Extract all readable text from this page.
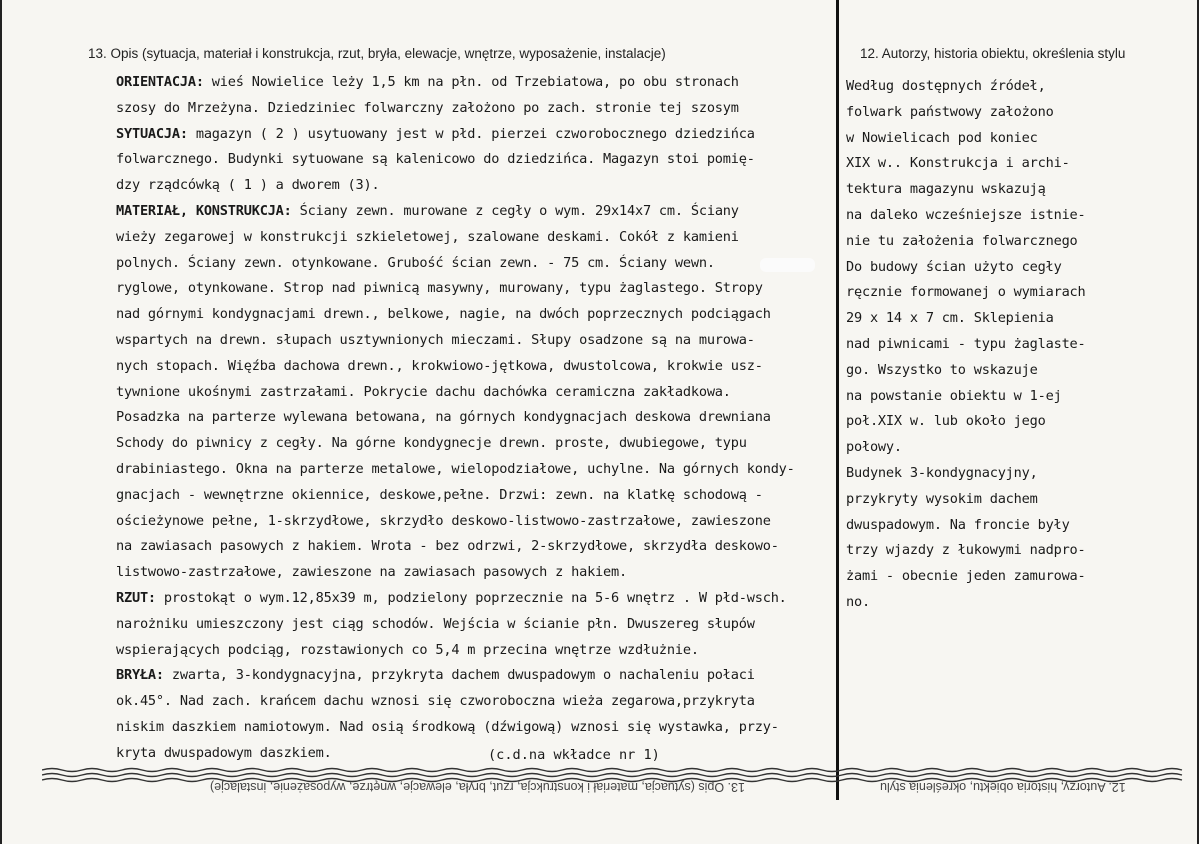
13. Opis (sytuacja, materiał i konstrukcja, rzut, bryła, elewacje, wnętrze, wyposażenie, instalacje)	12. Autorzy, historia obiektu, określenia stylu
ORIENTACJA: wieś Nowielice leży 1,5 km na płn. od Trzebiatowa, po obu stronach
szosy do Mrzeżyna. Dziedziniec folwarczny założono po zach. stronie tej szosym
SYTUACJA: magazyn ( 2 ) usytuowany jest w płd. pierzei czworobocznego dziedzińca
folwarcznego. Budynki sytuowane są kalenicowo do dziedzińca. Magazyn stoi pomię-
dzy rządcówką ( 1 ) a dworem (3).
MATERIAŁ, KONSTRUKCJA: Ściany zewn. murowane z cegły o wym. 29x14x7 cm. Ściany
wieży zegarowej w konstrukcji szkieletowej, szalowane deskami. Cokół z kamieni
polnych. Ściany zewn. otynkowane. Grubość ścian zewn. - 75 cm. Ściany wewn.
ryglowe, otynkowane. Strop nad piwnicą masywny, murowany, typu żaglastego. Stropy
nad górnymi kondygnacjami drewn., belkowe, nagie, na dwóch poprzecznych podciągach
wspartych na drewn. słupach usztywnionych mieczami. Słupy osadzone są na murowa-
nych stopach. Więźba dachowa drewn., krokwiowo-jętkowa, dwustolcowa, krokwie usz-
tywnione ukośnymi zastrzałami. Pokrycie dachu dachówka ceramiczna zakładkowa.
Posadzka na parterze wylewana betowana, na górnych kondygnacjach deskowa drewniana
Schody do piwnicy z cegły. Na górne kondygnecje drewn. proste, dwubiegowe, typu
drabiniastego. Okna na parterze metalowe, wielopodziałowe, uchylne. Na górnych kondy-
gnacjach - wewnętrzne okiennice, deskowe,pełne. Drzwi: zewn. na klatkę schodową -
ościeżynowe pełne, 1-skrzydłowe, skrzydło deskowo-listwowo-zastrzałowe, zawieszone
na zawiasach pasowych z hakiem. Wrota - bez odrzwi, 2-skrzydłowe, skrzydła deskowo-
listwowo-zastrzałowe, zawieszone na zawiasach pasowych z hakiem.
RZUT: prostokąt o wym.12,85x39 m, podzielony poprzecznie na 5-6 wnętrz . W płd-wsch.
narożniku umieszczony jest ciąg schodów. Wejścia w ścianie płn. Dwuszereg słupów
wspierających podciąg, rozstawionych co 5,4 m przecina wnętrze wzdłużnie.
BRYŁA: zwarta, 3-kondygnacyjna, przykryta dachem dwuspadowym o nachaleniu połaci
ok.45°. Nad zach. krańcem dachu wznosi się czworoboczna wieża zegarowa,przykryta
niskim daszkiem namiotowym. Nad osią środkową (dźwigową) wznosi się wystawka, przy-
kryta dwuspadowym daszkiem.
Według dostępnych źródeł,
folwark państwowy założono
w Nowielicach pod koniec
XIX w.. Konstrukcja i archi-
tektura magazynu wskazują
na daleko wcześniejsze istnie-
nie tu założenia folwarcznego
Do budowy ścian użyto cegły
ręcznie formowanej o wymiarach
29 x 14 x 7 cm. Sklepienia
nad piwnicami - typu żaglaste-
go. Wszystko to wskazuje
na powstanie obiektu w 1-ej
poł.XIX w. lub około jego
połowy.
Budynek 3-kondygnacyjny,
przykryty wysokim dachem
dwuspadowym. Na froncie były
trzy wjazdy z łukowymi nadpro-
żami - obecnie jeden zamurowa-
no.
(c.d.na wkładce nr 1)
13. Opis (sytuacja, materiał i konstrukcja, rzut, bryła, elewacje, wnętrze, wyposażenie, instalacje)	12. Autorzy, historia obiektu, określenia stylu
